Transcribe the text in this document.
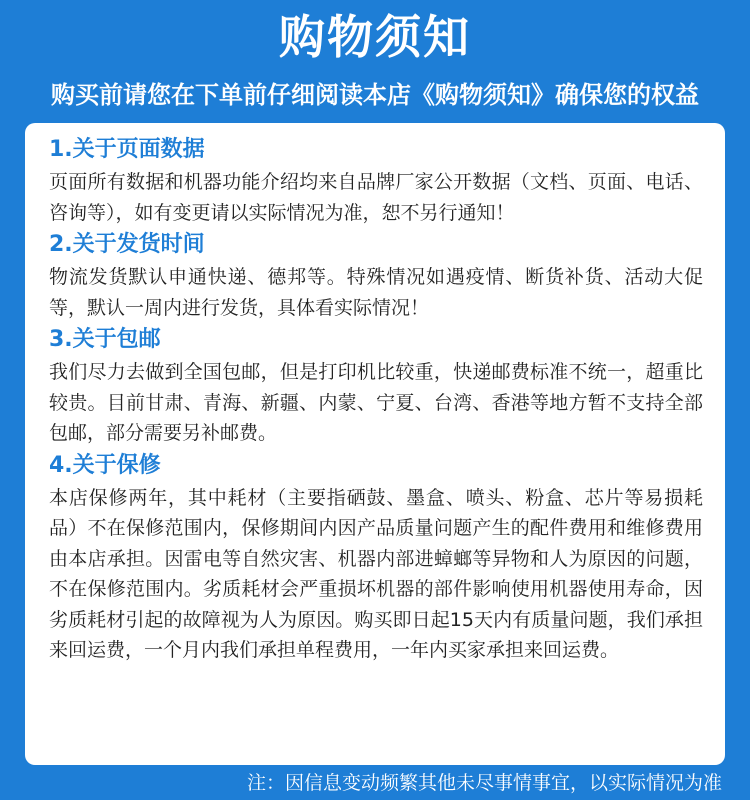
购物须知
购买前请您在下单前仔细阅读本店《购物须知》确保您的权益
1.关于页面数据
页面所有数据和机器功能介绍均来自品牌厂家公开数据（文档、页面、电话、咨询等），如有变更请以实际情况为准，恕不另行通知！
2.关于发货时间
物流发货默认申通快递、德邦等。特殊情况如遇疫情、断货补货、活动大促等，默认一周内进行发货，具体看实际情况！
3.关于包邮
我们尽力去做到全国包邮，但是打印机比较重，快递邮费标准不统一，超重比较贵。目前甘肃、青海、新疆、内蒙、宁夏、台湾、香港等地方暂不支持全部包邮，部分需要另补邮费。
4.关于保修
本店保修两年，其中耗材（主要指硒鼓、墨盒、喷头、粉盒、芯片等易损耗品）不在保修范围内，保修期间内因产品质量问题产生的配件费用和维修费用由本店承担。因雷电等自然灾害、机器内部进蟑螂等异物和人为原因的问题，不在保修范围内。劣质耗材会严重损坏机器的部件影响使用机器使用寿命，因劣质耗材引起的故障视为人为原因。购买即日起15天内有质量问题，我们承担来回运费，一个月内我们承担单程费用，一年内买家承担来回运费。
注：因信息变动频繁其他未尽事情事宜，以实际情况为准
